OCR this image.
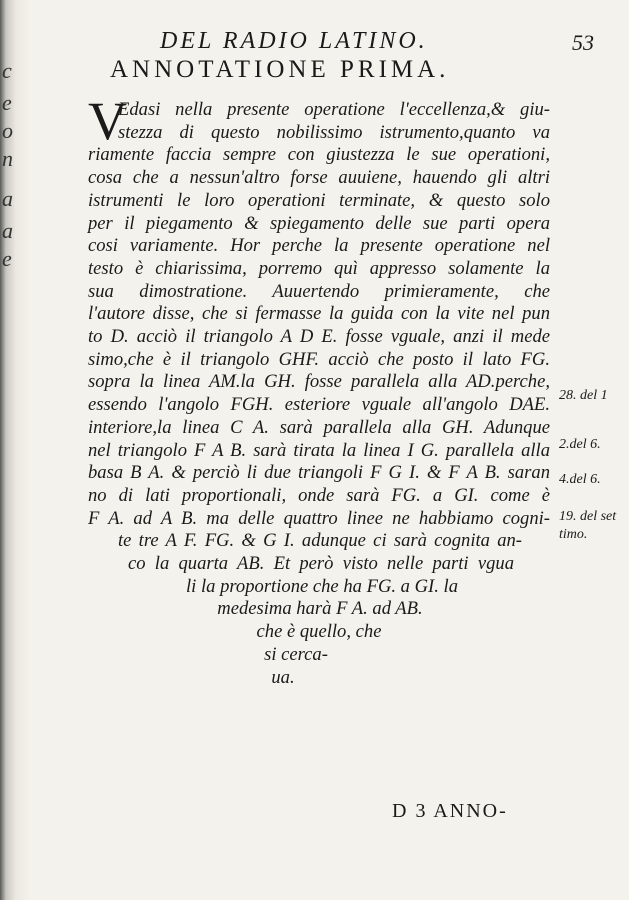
c
e
o
n
a
a
e
DEL RADIO LATINO.	53
ANNOTATIONE PRIMA.
V
Edasi nella presente operatione l'eccellenza,& giu-
stezza di questo nobilissimo istrumento,quanto va
riamente faccia sempre con giustezza le sue operationi,
cosa che a nessun'altro forse auuiene, hauendo gli altri
istrumenti le loro operationi terminate, & questo solo
per il piegamento & spiegamento delle sue parti opera
cosi variamente. Hor perche la presente operatione nel
testo è chiarissima, porremo quì appresso solamente la
sua dimostratione. Auuertendo primieramente, che
l'autore disse, che si fermasse la guida con la vite nel pun
to D. acciò il triangolo A D E. fosse vguale, anzi il mede
simo,che è il triangolo GHF. acciò che posto il lato FG.
sopra la linea AM.la GH. fosse parallela alla AD.perche,
essendo l'angolo FGH. esteriore vguale all'angolo DAE.
interiore,la linea C A. sarà parallela alla GH. Adunque
nel triangolo F A B. sarà tirata la linea I G. parallela alla
basa B A. & perciò li due triangoli F G I. & F A B. saran
no di lati proportionali, onde sarà FG. a GI. come è
F A. ad A B. ma delle quattro linee ne habbiamo cogni-
te tre A F. FG. & G I. adunque ci sarà cognita an-
co la quarta AB. Et però visto nelle parti vgua
li la proportione che ha FG. a GI. la
medesima harà F A. ad AB.
che è quello, che
si cerca-
ua.
28. del 1
2.del 6.
4.del 6.
19. del set
timo.
D 3 ANNO-
